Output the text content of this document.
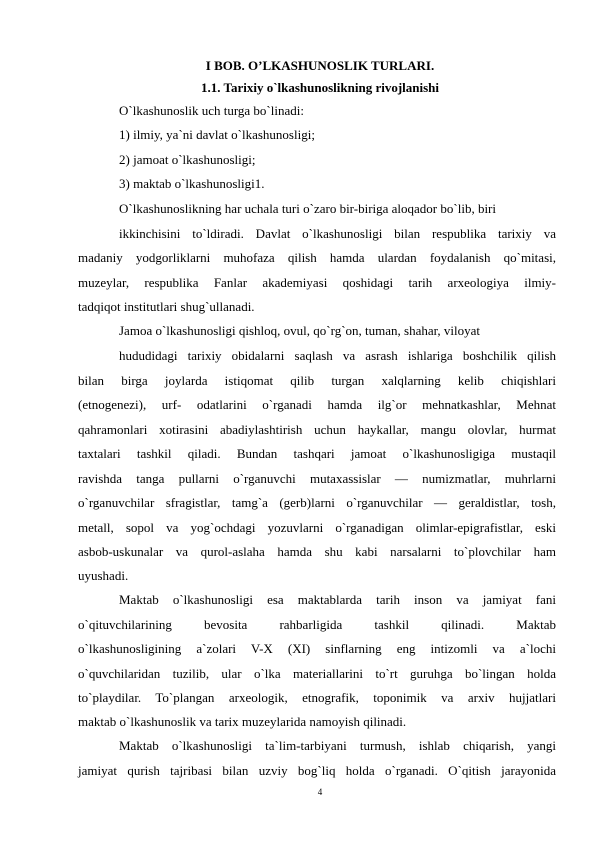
I BOB. O’LKASHUNOSLIK TURLARI.
1.1. Tarixiy o`lkashunoslikning rivojlanishi
O`lkashunoslik uch turga bo`linadi:
1) ilmiy, ya`ni davlat o`lkashunosligi;
2) jamoat o`lkashunosligi;
3) maktab o`lkashunosligi1.
O`lkashunoslikning har uchala turi o`zaro bir-biriga aloqador bo`lib, biri
ikkinchisini to`ldiradi. Davlat o`lkashunosligi bilan respublika tarixiy va
madaniy yodgorliklarni muhofaza qilish hamda ulardan foydalanish qo`mitasi,
muzeylar, respublika Fanlar akademiyasi qoshidagi tarih arxeologiya ilmiy-
tadqiqot institutlari shug`ullanadi.
Jamoa o`lkashunosligi qishloq, ovul, qo`rg`on, tuman, shahar, viloyat
hududidagi tarixiy obidalarni saqlash va asrash ishlariga boshchilik qilish
bilan birga joylarda istiqomat qilib turgan xalqlarning kelib chiqishlari
(etnogenezi), urf- odatlarini o`rganadi hamda ilg`or mehnatkashlar, Mehnat
qahramonlari xotirasini abadiylashtirish uchun haykallar, mangu olovlar, hurmat
taxtalari tashkil qiladi. Bundan tashqari jamoat o`lkashunosligiga mustaqil
ravishda tanga pullarni o`rganuvchi mutaxassislar — numizmatlar, muhrlarni
o`rganuvchilar sfragistlar, tamg`a (gerb)larni o`rganuvchilar — geraldistlar, tosh,
metall, sopol va yog`ochdagi yozuvlarni o`rganadigan olimlar-epigrafistlar, eski
asbob-uskunalar va qurol-aslaha hamda shu kabi narsalarni to`plovchilar ham
uyushadi.
Maktab o`lkashunosligi esa maktablarda tarih inson va jamiyat fani
o`qituvchilarining bevosita rahbarligida tashkil qilinadi. Maktab
o`lkashunosligining a`zolari V-X (XI) sinflarning eng intizomli va a`lochi
o`quvchilaridan tuzilib, ular o`lka materiallarini to`rt guruhga bo`lingan holda
to`playdilar. To`plangan arxeologik, etnografik, toponimik va arxiv hujjatlari
maktab o`lkashunoslik va tarix muzeylarida namoyish qilinadi.
Maktab o`lkashunosligi ta`lim-tarbiyani turmush, ishlab chiqarish, yangi
jamiyat qurish tajribasi bilan uzviy bog`liq holda o`rganadi. O`qitish jarayonida
4
